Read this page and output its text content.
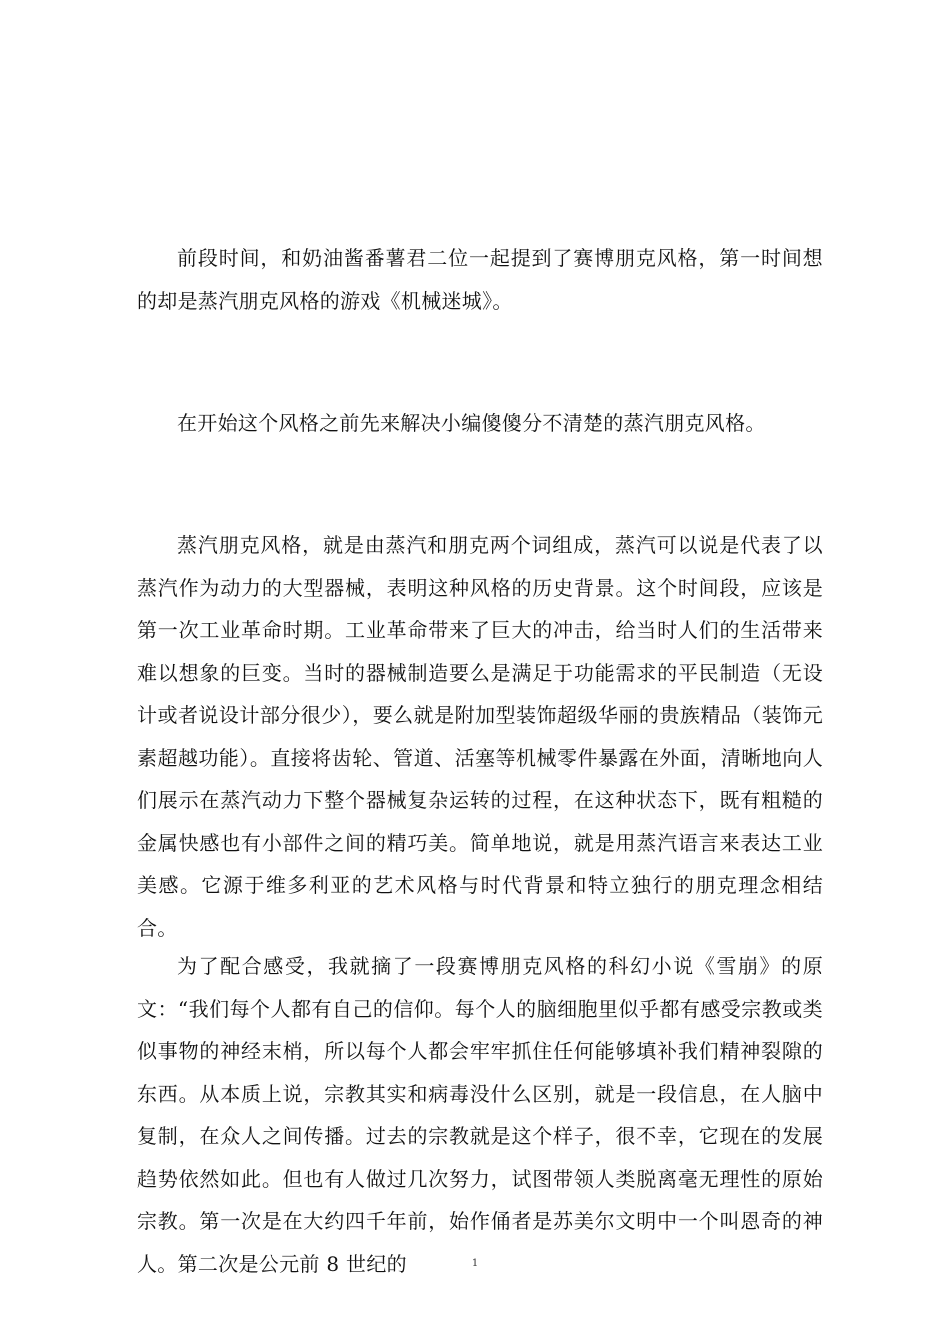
前段时间，和奶油酱番薯君二位一起提到了赛博朋克风格，第一时间想的却是蒸汽朋克风格的游戏《机械迷城》。

在开始这个风格之前先来解决小编傻傻分不清楚的蒸汽朋克风格。

蒸汽朋克风格，就是由蒸汽和朋克两个词组成，蒸汽可以说是代表了以蒸汽作为动力的大型器械，表明这种风格的历史背景。这个时间段，应该是第一次工业革命时期。工业革命带来了巨大的冲击，给当时人们的生活带来难以想象的巨变。当时的器械制造要么是满足于功能需求的平民制造（无设计或者说设计部分很少），要么就是附加型装饰超级华丽的贵族精品（装饰元素超越功能）。直接将齿轮、管道、活塞等机械零件暴露在外面，清晰地向人们展示在蒸汽动力下整个器械复杂运转的过程，在这种状态下，既有粗糙的金属快感也有小部件之间的精巧美。简单地说，就是用蒸汽语言来表达工业美感。它源于维多利亚的艺术风格与时代背景和特立独行的朋克理念相结合。

为了配合感受，我就摘了一段赛博朋克风格的科幻小说《雪崩》的原文：“我们每个人都有自己的信仰。每个人的脑细胞里似乎都有感受宗教或类似事物的神经末梢，所以每个人都会牢牢抓住任何能够填补我们精神裂隙的东西。从本质上说，宗教其实和病毒没什么区别，就是一段信息，在人脑中复制，在众人之间传播。过去的宗教就是这个样子，很不幸，它现在的发展趋势依然如此。但也有人做过几次努力，试图带领人类脱离毫无理性的原始宗教。第一次是在大约四千年前，始作俑者是苏美尔文明中一个叫恩奇的神人。第二次是公元前 8 世纪的	1
